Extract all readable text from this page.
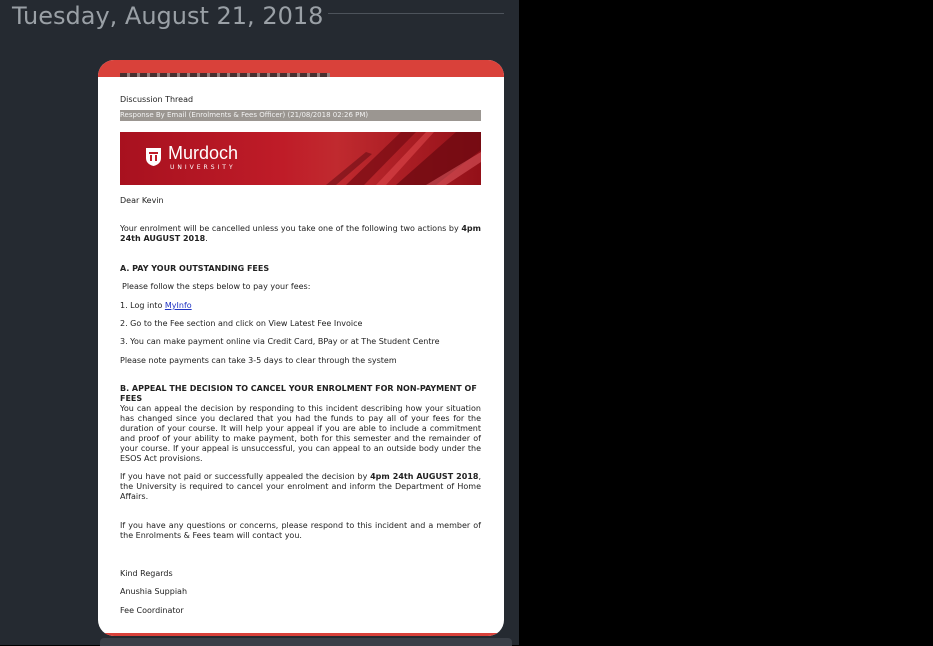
Tuesday, August 21, 2018
Discussion Thread
Response By Email (Enrolments & Fees Officer) (21/08/2018 02:26 PM)
Murdoch
UNIVERSITY
Dear Kevin
Your enrolment will be cancelled unless you take one of the following two actions by 4pm 24th AUGUST 2018.
A. PAY YOUR OUTSTANDING FEES
Please follow the steps below to pay your fees:
1. Log into MyInfo
2. Go to the Fee section and click on View Latest Fee Invoice
3. You can make payment online via Credit Card, BPay or at The Student Centre
Please note payments can take 3-5 days to clear through the system
B. APPEAL THE DECISION TO CANCEL YOUR ENROLMENT FOR NON-PAYMENT OF FEES
You can appeal the decision by responding to this incident describing how your situation has changed since you declared that you had the funds to pay all of your fees for the duration of your course. It will help your appeal if you are able to include a commitment and proof of your ability to make payment, both for this semester and the remainder of your course. If your appeal is unsuccessful, you can appeal to an outside body under the ESOS Act provisions.
If you have not paid or successfully appealed the decision by 4pm 24th AUGUST 2018, the University is required to cancel your enrolment and inform the Department of Home Affairs.
If you have any questions or concerns, please respond to this incident and a member of the Enrolments & Fees team will contact you.
Kind Regards
Anushia Suppiah
Fee Coordinator
